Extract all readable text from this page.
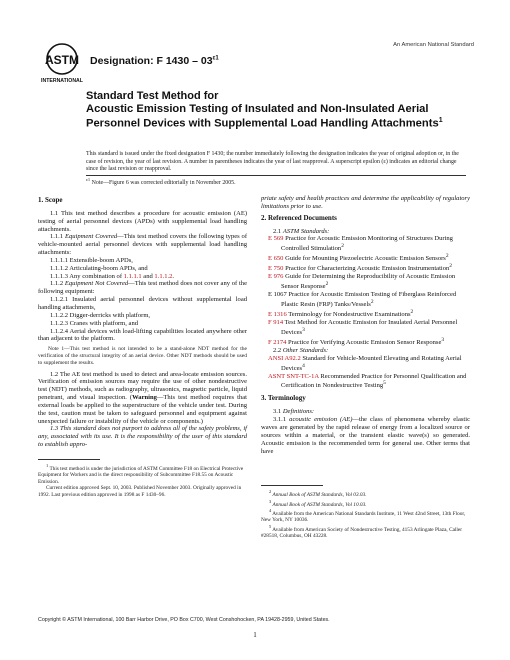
ASTM
INTERNATIONAL
Designation: F $1430 - 03^{\varepsilon 1}$
An American National Standard
Standard Test Method for
Acoustic Emission Testing of Insulated and Non-Insulated Aerial Personnel Devices with Supplemental Load Handling Attachments$^1$
This standard is issued under the fixed designation F 1430; the number immediately following the designation indicates the year of original adoption or, in the case of revision, the year of last revision. A number in parentheses indicates the year of last reapproval. A superscript epsilon (ε) indicates an editorial change since the last revision or reapproval.
$^{\varepsilon 1}$ Note—Figure 6 was corrected editorially in November 2005.
1. Scope

1.1 This test method describes a procedure for acoustic emission (AE) testing of aerial personnel devices (APDs) with supplemental load handling attachments.

1.1.1 Equipment Covered—This test method covers the following types of vehicle-mounted aerial personnel devices with supplemental load handling attachments:

1.1.1.1 Extensible-boom APDs,

1.1.1.2 Articulating-boom APDs, and

1.1.1.3 Any combination of 1.1.1.1 and 1.1.1.2.

1.1.2 Equipment Not Covered—This test method does not cover any of the following equipment:

1.1.2.1 Insulated aerial personnel devices without supplemental load handling attachments,

1.1.2.2 Digger-derricks with platform,

1.1.2.3 Cranes with platform, and

1.1.2.4 Aerial devices with load-lifting capabilities located anywhere other than adjacent to the platform.

Note 1—This test method is not intended to be a stand-alone NDT method for the verification of the structural integrity of an aerial device. Other NDT methods should be used to supplement the results.

1.2 The AE test method is used to detect and area-locate emission sources. Verification of emission sources may require the use of other nondestructive test (NDT) methods, such as radiography, ultrasonics, magnetic particle, liquid penetrant, and visual inspection. (Warning—This test method requires that external loads be applied to the superstructure of the vehicle under test. During the test, caution must be taken to safeguard personnel and equipment against unexpected failure or instability of the vehicle or components.)

1.3 This standard does not purport to address all of the safety problems, if any, associated with its use. It is the responsibility of the user of this standard to establish appro-

$^1$ This test method is under the jurisdiction of ASTM Committee F18 on Electrical Protective Equipment for Workers and is the direct responsibility of Subcommittee F18.55 on Acoustic Emission.

Current edition approved Sept. 10, 2003. Published November 2003. Originally approved in 1992. Last previous edition approved in 1998 as F 1430–96.

priate safety and health practices and determine the applicability of regulatory limitations prior to use.

2. Referenced Documents

2.1 ASTM Standards:

E 569 Practice for Acoustic Emission Monitoring of Structures During Controlled Stimulation$^2$

E 650 Guide for Mounting Piezoelectric Acoustic Emission Sensors$^2$

E 750 Practice for Characterizing Acoustic Emission Instrumentation$^2$

E 976 Guide for Determining the Reproducibility of Acoustic Emission Sensor Response$^2$

E 1067 Practice for Acoustic Emission Testing of Fiberglass Reinforced Plastic Resin (FRP) Tanks/Vessels$^2$

E 1316 Terminology for Nondestructive Examinations$^2$

F 914 Test Method for Acoustic Emission for Insulated Aerial Personnel Devices$^3$

F 2174 Practice for Verifying Acoustic Emission Sensor Response$^3$

2.2 Other Standards:

ANSI A92.2 Standard for Vehicle-Mounted Elevating and Rotating Aerial Devices$^4$

ASNT SNT-TC-1A Recommended Practice for Personnel Qualification and Certification in Nondestructive Testing$^5$

3. Terminology

3.1 Definitions:

3.1.1 acoustic emission (AE)—the class of phenomena whereby elastic waves are generated by the rapid release of energy from a localized source or sources within a material, or the transient elastic wave(s) so generated. Acoustic emission is the recommended term for general use. Other terms that have

$^2$ Annual Book of ASTM Standards, Vol 03.03.

$^3$ Annual Book of ASTM Standards, Vol 10.03.

$^4$ Available from the American National Standards Institute, 11 West 42nd Street, 13th Floor, New York, NY 10036.

$^5$ Available from American Society of Nondestructive Testing, 4153 Arlingate Plaza, Caller #28518, Columbus, OH 43228.

Copyright © ASTM International, 100 Barr Harbor Drive, PO Box C700, West Conshohocken, PA 19428-2959, United States.
1
